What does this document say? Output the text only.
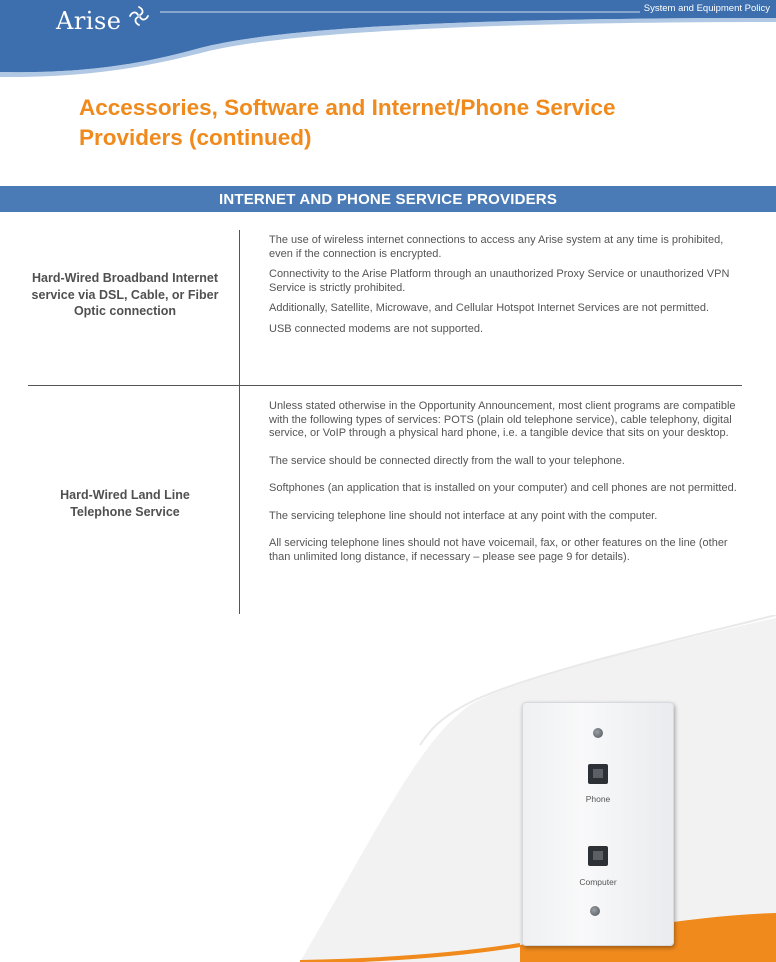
Arise	System and Equipment Policy
Accessories, Software and Internet/Phone Service Providers (continued)
INTERNET AND PHONE SERVICE PROVIDERS
Hard-Wired Broadband Internet service via DSL, Cable, or Fiber Optic connection

The use of wireless internet connections to access any Arise system at any time is prohibited, even if the connection is encrypted.

Connectivity to the Arise Platform through an unauthorized Proxy Service or unauthorized VPN Service is strictly prohibited.

Additionally, Satellite, Microwave, and Cellular Hotspot Internet Services are not permitted.

USB connected modems are not supported.

Hard-Wired Land Line Telephone Service

Unless stated otherwise in the Opportunity Announcement, most client programs are compatible with the following types of services: POTS (plain old telephone service), cable telephony, digital service, or VoIP through a physical hard phone, i.e. a tangible device that sits on your desktop.

The service should be connected directly from the wall to your telephone.

Softphones (an application that is installed on your computer) and cell phones are not permitted.

The servicing telephone line should not interface at any point with the computer.

All servicing telephone lines should not have voicemail, fax, or other features on the line (other than unlimited long distance, if necessary – please see page 9 for details).

Phone
Computer
